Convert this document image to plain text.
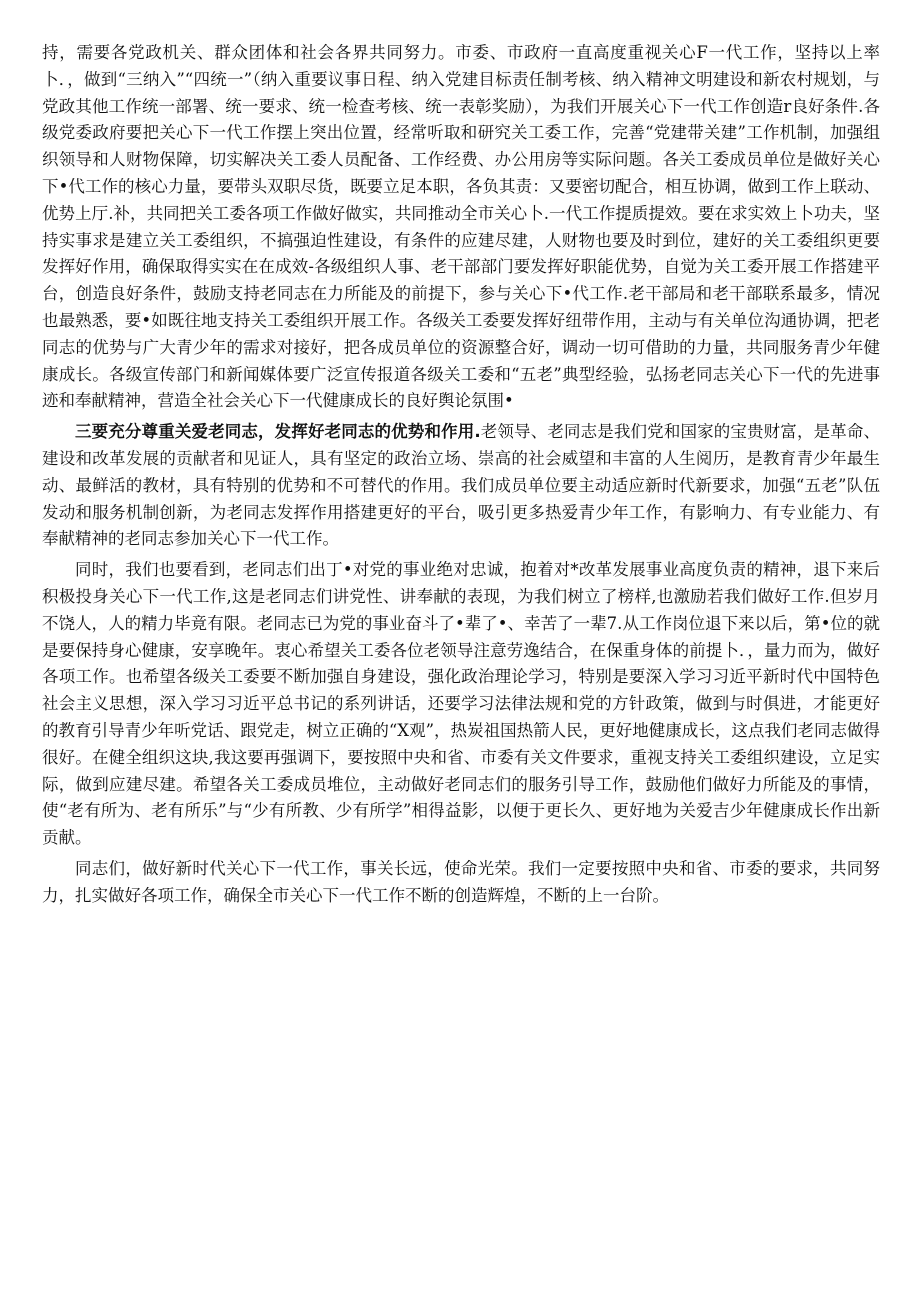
持，需要各党政机关、群众团体和社会各界共同努力。市委、市政府一直高度重视关心F一代工作，坚持以上率卜．，做到“三纳入”“四统一”（纳入重要议事日程、纳入党建目标责任制考核、纳入精神文明建设和新农村规划，与党政其他工作统一部署、统一要求、统一检查考核、统一表彰奖励），为我们开展关心下一代工作创造r良好条件.各级党委政府要把关心下一代工作摆上突出位置，经常听取和研究关工委工作，完善“党建带关建”工作机制，加强组织领导和人财物保障，切实解决关工委人员配备、工作经费、办公用房等实际问题。各关工委成员单位是做好关心下•代工作的核心力量，要带头双职尽货，既要立足本职，各负其责：又要密切配合，相互协调，做到工作上联动、优势上厅.补，共同把关工委各项工作做好做实，共同推动全市关心卜.一代工作提质提效。要在求实效上卜功夫，坚持实事求是建立关工委组织，不搞强迫性建设，有条件的应建尽建，人财物也要及时到位，建好的关工委组织更要发挥好作用，确保取得实实在在成效-各级组织人事、老干部部门要发挥好职能优势，自觉为关工委开展工作搭建平台，创造良好条件，鼓励支持老同志在力所能及的前提下，参与关心下•代工作.老干部局和老干部联系最多，情况也最熟悉，要•如既往地支持关工委组织开展工作。各级关工委要发挥好纽带作用，主动与有关单位沟通协调，把老同志的优势与广大青少年的需求对接好，把各成员单位的资源整合好，调动一切可借助的力量，共同服务青少年健康成长。各级宣传部门和新闻媒体要广泛宣传报道各级关工委和“五老”典型经验，弘扬老同志关心下一代的先进事迹和奉献精神，营造全社会关心下一代健康成长的良好舆论氛围•

三要充分尊重关爱老同志，发挥好老同志的优势和作用.老领导、老同志是我们党和国家的宝贵财富，是革命、建设和改革发展的贡献者和见证人，具有坚定的政治立场、崇高的社会威望和丰富的人生阅历，是教育青少年最生动、最鲜活的教材，具有特别的优势和不可替代的作用。我们成员单位要主动适应新时代新要求，加强“五老”队伍发动和服务机制创新，为老同志发挥作用搭建更好的平台，吸引更多热爱青少年工作，有影响力、有专业能力、有奉献精神的老同志参加关心下一代工作。

同时，我们也要看到，老同志们出丁•对党的事业绝对忠诚，抱着对*改革发展事业高度负责的精神，退下来后积极投身关心下一代工作,这是老同志们讲党性、讲奉献的表现，为我们树立了榜样,也激励若我们做好工作.但岁月不饶人，人的精力毕竟有限。老同志已为党的事业奋斗了•辈了•、幸苦了一辈7.从工作岗位退下来以后，第•位的就是要保持身心健康，安享晚年。衷心希望关工委各位老领导注意劳逸结合，在保重身体的前提卜．，量力而为，做好各项工作。也希望各级关工委要不断加强自身建设，强化政治理论学习，特别是要深入学习习近平新时代中国特色社会主义思想，深入学习习近平总书记的系列讲话，还要学习法律法规和党的方针政策，做到与时俱进，才能更好的教育引导青少年听党话、跟党走，树立正确的“X观”，热炭祖国热箭人民，更好地健康成长，这点我们老同志做得很好。在健全组织这块,我这要再强调下，要按照中央和省、市委有关文件要求，重视支持关工委组织建设，立足实际，做到应建尽建。希望各关工委成员堆位，主动做好老同志们的服务引导工作，鼓励他们做好力所能及的事情，使“老有所为、老有所乐”与“少有所教、少有所学”相得益影，以便于更长久、更好地为关爱吉少年健康成长作出新贡献。

同志们，做好新时代关心下一代工作，事关长远，使命光荣。我们一定要按照中央和省、市委的要求，共同努力，扎实做好各项工作，确保全市关心下一代工作不断的创造辉煌，不断的上一台阶。
